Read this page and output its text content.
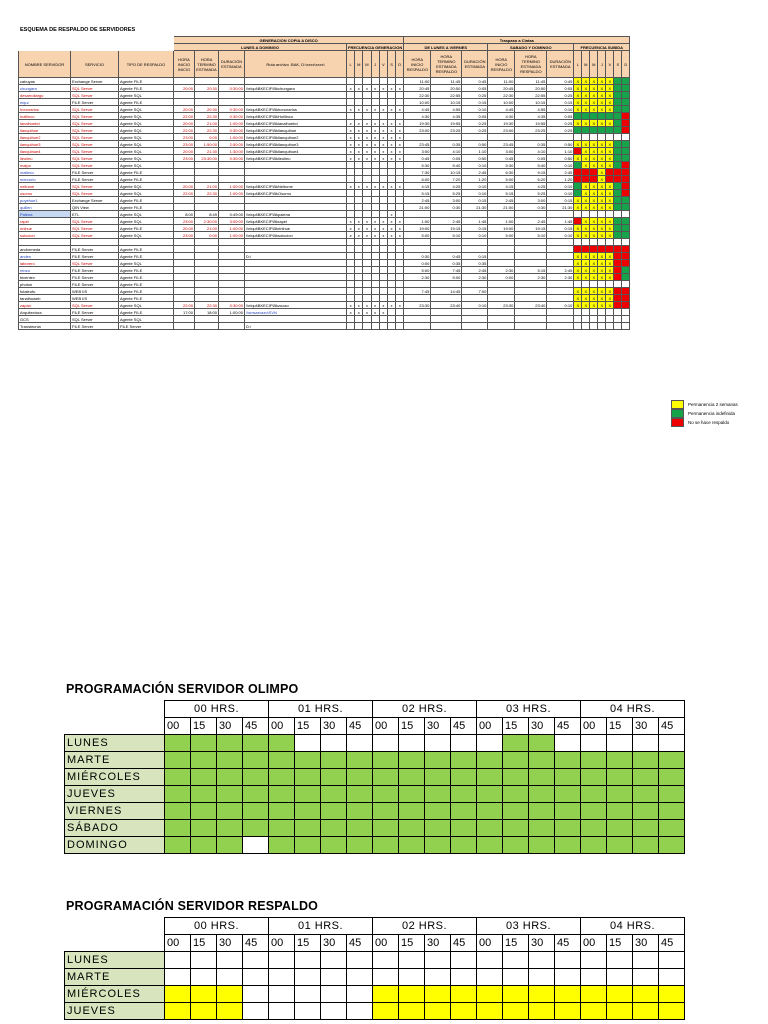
ESQUEMA DE RESPALDO DE SERVIDORES
			GENERACION COPIA A DISCO											Traspaso a Cintas												
			LUNES A DOMINGO				FRECUENCIA GENERACION							DE LUNES A VIERNES			SABADO Y DOMINGO			FRECUENCIA SUBIDA						
NOMBRE SERVIDOR	SERVICIO	TIPO DE RESPALDO	HORA INICIO INICIO	HORA TERMINO ESTIMADA	DURACIÓN ESTIMADA	Ruta archivo .BAK, D:\xxxx\xxxx\	L	M	M	J	V	S	D	HORA INICIO RESPALDO	HORA TERMINO ESTIMADA RESPALDO	DURACIÓN ESTIMADA	HORA INICIO RESPALDO	HORA TERMINO ESTIMADA RESPALDO	DURACIÓN ESTIMADA	L	M	M	J	V	S	D
cabuyas	Exchange Server	Agente FILE												11:00	11:45	0:45	11:00	11:45	0:45	X	X	X	X	X		
chungara	SQL Server	Agente FILE	20:00	20:30	0:30:00	\\elqui\BKECIF\Bkchungara	x	x	x	x	x	x	x	20:45	20:50	0:05	20:45	20:50	0:05	X	X	X	X	X		
desarrollargo	SQL Server	Agente SQL												22:30	22:55	0:25	22:30	22:55	0:25	X	X	X	X	X		
elqui	FILE Server	Agente FILE												10:00	10:15	0:15	10:00	10:15	0:15	X	X	X	X	X		
honorarios	SQL Server	Agente SQL	20:00	20:30	0:30:00	\\elqui\BKECIF\Bkhonorarios	x	x	x	x	x	x	x	4:45	4:55	0:10	4:45	4:55	0:10	X	X	X	X	X		
huillinco	SQL Server	Agente SQL	22:00	22:30	0:30:00	\\elqui\BKECIF\BkHuillinco								4:30	4:35	0:05	4:30	4:35	0:05							
lanalhuebd	SQL Server	Agente SQL	20:00	21:00	1:00:00	\\elqui\BKECIF\Bklanalhuebd	x	x	x	x	x	x	x	19:30	19:55	0:25	19:30	19:55	0:25	X	X	X	X	X		
llanquihue	SQL Server	Agente SQL	22:00	22:30	0:30:00	\\elqui\BKECIF\Bkllanquihue	x	x	x	x	x	x	x	23:00	23:25	0:25	23:00	23:25	0:25							
llanquihue2	SQL Server	Agente SQL	23:00	0:00	1:00:00	\\elqui\BKECIF\Bkllanquihue2	x	x	x	x	x	x	x													
llanquihue3	SQL Server	Agente SQL	23:00	1:50:00	2:50:00	\\elqui\BKECIF\Bkllanquihue3	x	x	x	x	x	x	x	23:45	0:35	0:50	23:45	0:35	0:50	X	X	X	X	X		
llanquihue4	SQL Server	Agente SQL	20:00	21:30	1:30:00	\\elqui\BKECIF\Bkllanquihue4	x	x	x	x	x	x	x	3:00	4:10	1:10	3:00	4:10	1:10		X	X	X	X		
lleulleu	SQL Server	Agente SQL	23:00	23:30:00	0:30:00	\\elqui\BKECIF\Bklleulleu	x	x	x	x	x	x	x	0:45	0:05	0:50	0:45	0:05	0:50	X	X	X	X	X		
maipo	SQL Server	Agente SQL												5:30	5:40	0:10	5:30	5:40	0:10		X	X	X	X		
malleco	FILE Server	Agente FILE												7:30	10:15	2:45	6:30	9:15	2:45				X			
mercurio	FILE Server	Agente FILE												6:00	7:20	1:20	5:00	6:20	1:20				X			
neltume	SQL Server	Agente SQL	20:00	21:00	1:00:00	\\elqui\BKECIF\BkNeltume	x	x	x	x	x	x	x	4:15	4:25	0:10	4:15	4:25	0:10		X	X	X	X		
osorno	SQL Server	Agente SQL	22:00	22:30	1:00:00	\\elqui\BKECIF\BkOsorno								5:15	5:25	0:10	5:15	5:25	0:10		X	X	X	X		
puyehue1	Exchange Server	Agente FILE												2:45	3:00	0:15	2:45	3:00	0:15	X	X	X	X	X		
quillen	QIN View	Agente FILE												21:00	0:30	21:30	21:00	0:30	21:30	X	X	X	X	X		
Palena	ETL	Agente SQL	8:00	8:49	0:49:00	\\elqui\BKECIF\Bkpalena						x														
rapel	SQL Server	Agente SQL	23:00	2:30:00	3:00:00	\\elqui\BKECIF\Bkrapel	x	x	x	x	x	x	x	1:00	2:45	1:45	1:00	2:45	1:45		X	X	X	X		
rinihue	SQL Server	Agente FILE	20:00	21:00	1:00:00	\\elqui\BKECIF\Bkrinihue	x	x	x	x	x	x	x	19:00	19:15	0:15	19:00	19:15	0:15	X	X	X	X	X		
solucion	SQL Server	Agente SQL	23:00	0:00	1:00:00	\\elqui\BKECIF\Bksolucion	x	x	x	x	x	x	x	5:00	5:10	0:10	5:00	5:10	0:10	X	X	X	X	X		

andromeda	FILE Server	Agente FILE																								
andes	FILE Server	Agente FILE				D:\								0:30	0:45	0:15				X	X	X	X	X		
laborero	SQL Server	Agente SQL												0:00	0:35	0:35				X	X	X	X	X		
renzo	FILE Server	Agente FILE												5:00	7:45	2:45	2:30	5:15	2:45	X	X	X	X	X		
bicentev	FILE Server	Agente FILE												2:30	5:00	2:30	0:00	2:30	2:30	X	X	X	X	X		
photon	FILE Server	Agente FILE																								
futaleufu	WEB IIS	Agente FILE												7:45	14:45	7:00				X	X	X	X	X		
tanalhuweb	WEB IIS	Agente FILE																		X	X	X	X	X		
zapao	SQL Server	Agente SQL	22:00	22:30	0:30:00	\\elqui\BKECIF\Bkzucao	x	x	x	x	x	x	x	23:30	23:40	0:10	23:30	23:40	0:10	X	X	X	X	X		
Arquitectura	FILE Server	Agente FILE	17:00	18:00	1:00:00	\\smsarvazo\SVN	x	x	x	x	x															
GCS	SQL Server	Agente SQL																								
Transtecnia	FILE Server	FILE Server				D:\																				
Permanencia 2 semanas
Permanencia indefinida
No se hace respaldo
PROGRAMACIÓN SERVIDOR OLIMPO
	00 HRS.				01 HRS.				02 HRS.				03 HRS.				04 HRS.			
	00	15	30	45	00	15	30	45	00	15	30	45	00	15	30	45	00	15	30	45
LUNES																				
MARTE																				
MIÉRCOLES																				
JUEVES																				
VIERNES																				
SÁBADO																				
DOMINGO																				
PROGRAMACIÓN SERVIDOR RESPALDO
	00 HRS.				01 HRS.				02 HRS.				03 HRS.				04 HRS.			
	00	15	30	45	00	15	30	45	00	15	30	45	00	15	30	45	00	15	30	45
LUNES																				
MARTE																				
MIÉRCOLES																				
JUEVES																				
